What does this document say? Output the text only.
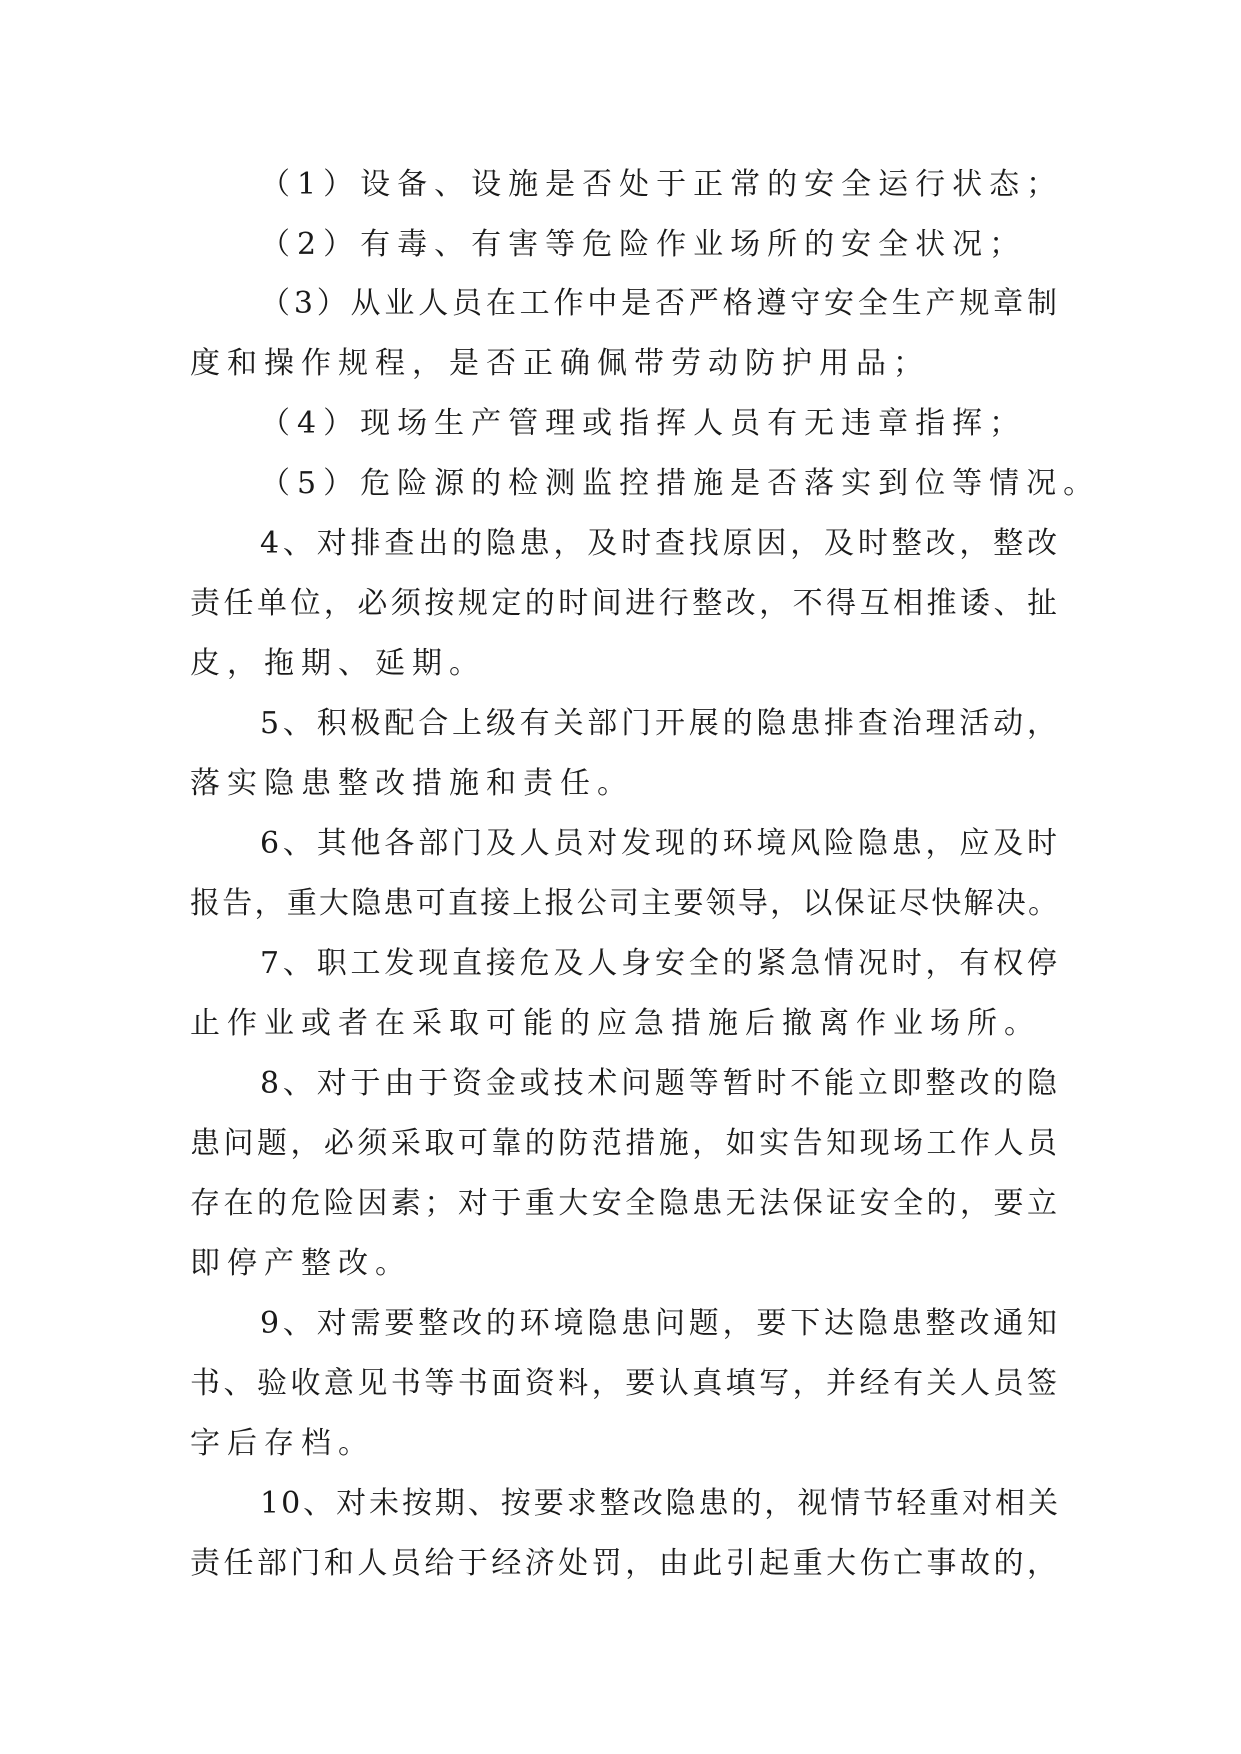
（1）设备、设施是否处于正常的安全运行状态；
（2）有毒、有害等危险作业场所的安全状况；
（3）从业人员在工作中是否严格遵守安全生产规章制
度和操作规程，是否正确佩带劳动防护用品；
（4）现场生产管理或指挥人员有无违章指挥；
（5）危险源的检测监控措施是否落实到位等情况。
4、对排查出的隐患，及时查找原因，及时整改，整改
责任单位，必须按规定的时间进行整改，不得互相推诿、扯
皮，拖期、延期。
5、积极配合上级有关部门开展的隐患排查治理活动，
落实隐患整改措施和责任。
6、其他各部门及人员对发现的环境风险隐患，应及时
报告，重大隐患可直接上报公司主要领导，以保证尽快解决。
7、职工发现直接危及人身安全的紧急情况时，有权停
止作业或者在采取可能的应急措施后撤离作业场所。
8、对于由于资金或技术问题等暂时不能立即整改的隐
患问题，必须采取可靠的防范措施，如实告知现场工作人员
存在的危险因素；对于重大安全隐患无法保证安全的，要立
即停产整改。
9、对需要整改的环境隐患问题，要下达隐患整改通知
书、验收意见书等书面资料，要认真填写，并经有关人员签
字后存档。
10、对未按期、按要求整改隐患的，视情节轻重对相关
责任部门和人员给于经济处罚，由此引起重大伤亡事故的，
